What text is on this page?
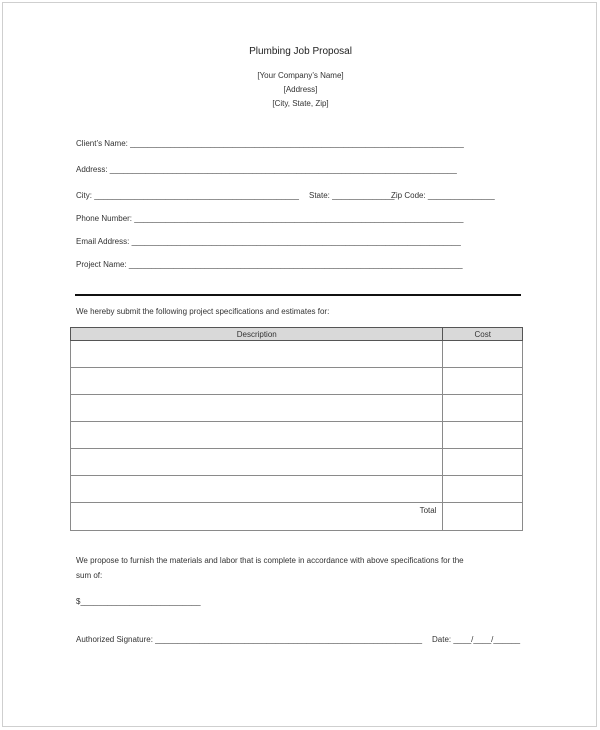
Plumbing Job Proposal
[Your Company’s Name]
[Address]
[City, State, Zip]
Client’s Name: ___________________________________________________________________________
Address: ______________________________________________________________________________
City: ______________________________________________ State: ______________
Zip Code: _______________
Phone Number: __________________________________________________________________________
Email Address: __________________________________________________________________________
Project Name: ___________________________________________________________________________
We hereby submit the following project specifications and estimates for:
Description	Cost

Total	
We propose to furnish the materials and labor that is complete in accordance with above specifications for the
sum of:
$___________________________
Authorized Signature: ____________________________________________________________ Date: ____/____/______
